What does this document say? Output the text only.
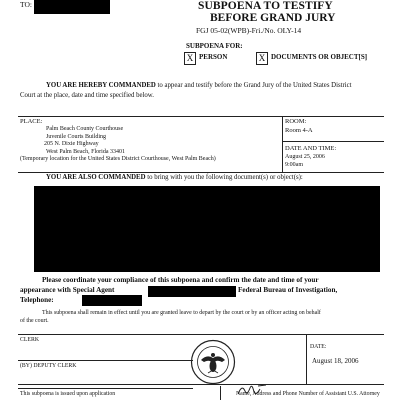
TO:	SUBPOENA TO TESTIFY
BEFORE GRAND JURY
FGJ 05-02(WPB)-Fri./No. OLY-14
SUBPOENA FOR:
X PERSON	X DOCUMENTS OR OBJECT[S]
YOU ARE HEREBY COMMANDED to appear and testify before the Grand Jury of the United States District
Court at the place, date and time specified below.
PLACE:
Palm Beach County Courthouse
Juvenile Courts Building
205 N. Dixie Highway
West Palm Beach, Florida 33401
(Temporary location for the United States District Courthouse, West Palm Beach)
ROOM:
Room 4-A
DATE AND TIME:
August 25, 2006
9:00am
YOU ARE ALSO COMMANDED to bring with you the following document(s) or object(s):
Please coordinate your compliance of this subpoena and confirm the date and time of your
appearance with Special Agent	Federal Bureau of Investigation,
Telephone:
This subpoena shall remain in effect until you are granted leave to depart by the court or by an officer acting on behalf
of the court.
CLERK
(BY) DEPUTY CLERK
DATE:
August 18, 2006
This subpoena is issued upon application	Name, Address and Phone Number of Assistant U.S. Attorney
